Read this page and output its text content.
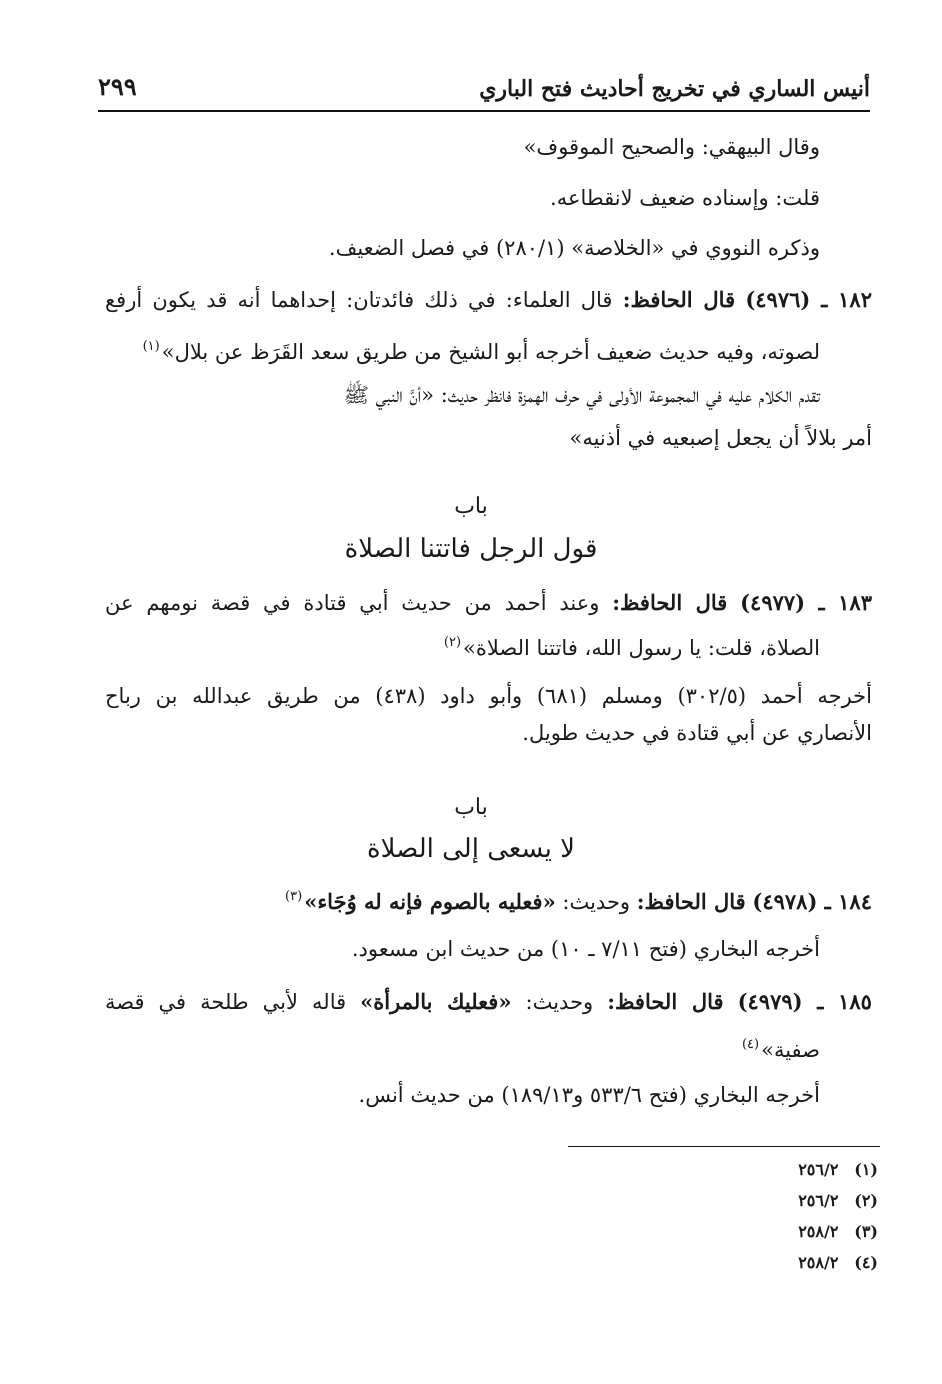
أنيس الساري في تخريج أحاديث فتح الباري
٢٩٩
وقال البيهقي: والصحيح الموقوف»
قلت: وإسناده ضعيف لانقطاعه.
وذكره النووي في «الخلاصة» (٢٨٠/١) في فصل الضعيف.
١٨٢ ـ (٤٩٧٦) قال الحافظ: قال العلماء: في ذلك فائدتان: إحداهما أنه قد يكون أرفع
لصوته، وفيه حديث ضعيف أخرجه أبو الشيخ من طريق سعد القَرَظ عن بلال»$^{(١)}$
تقدم الكلام عليه في المجموعة الأولى في حرف الهمزة فانظر حديث: «أنَّ النبي ﷺ
أمر بلالاً أن يجعل إصبعيه في أذنيه»
باب
قول الرجل فاتتنا الصلاة
١٨٣ ـ (٤٩٧٧) قال الحافظ: وعند أحمد من حديث أبي قتادة في قصة نومهم عن
الصلاة، قلت: يا رسول الله، فاتتنا الصلاة»$^{(٢)}$
أخرجه أحمد (٣٠٢/٥) ومسلم (٦٨١) وأبو داود (٤٣٨) من طريق عبدالله بن رباح
الأنصاري عن أبي قتادة في حديث طويل.
باب
لا يسعى إلى الصلاة
١٨٤ ـ (٤٩٧٨) قال الحافظ: وحديث: «فعليه بالصوم فإنه له وُجَاء»$^{(٣)}$
أخرجه البخاري (فتح ٧/١١ ـ ١٠) من حديث ابن مسعود.
١٨٥ ـ (٤٩٧٩) قال الحافظ: وحديث: «فعليك بالمرأة» قاله لأبي طلحة في قصة
صفية»$^{(٤)}$
أخرجه البخاري (فتح ٥٣٣/٦ و١٨٩/١٣) من حديث أنس.
(١) ٢٥٦/٢
(٢) ٢٥٦/٢
(٣) ٢٥٨/٢
(٤) ٢٥٨/٢
